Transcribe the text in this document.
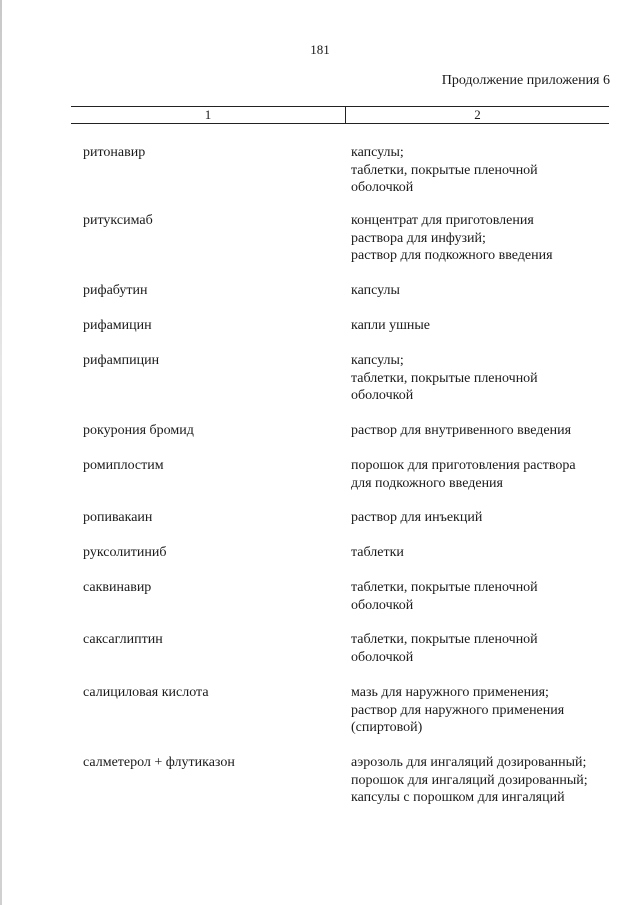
181
Продолжение приложения 6
1	2
ритонавир	капсулы;
таблетки, покрытые пленочной
оболочкой
ритуксимаб	концентрат для приготовления
раствора для инфузий;
раствор для подкожного введения
рифабутин	капсулы
рифамицин	капли ушные
рифампицин	капсулы;
таблетки, покрытые пленочной
оболочкой
рокурония бромид	раствор для внутривенного введения
ромиплостим	порошок для приготовления раствора
для подкожного введения
ропивакаин	раствор для инъекций
руксолитиниб	таблетки
саквинавир	таблетки, покрытые пленочной
оболочкой
саксаглиптин	таблетки, покрытые пленочной
оболочкой
салициловая кислота	мазь для наружного применения;
раствор для наружного применения
(спиртовой)
салметерол + флутиказон	аэрозоль для ингаляций дозированный;
порошок для ингаляций дозированный;
капсулы с порошком для ингаляций
